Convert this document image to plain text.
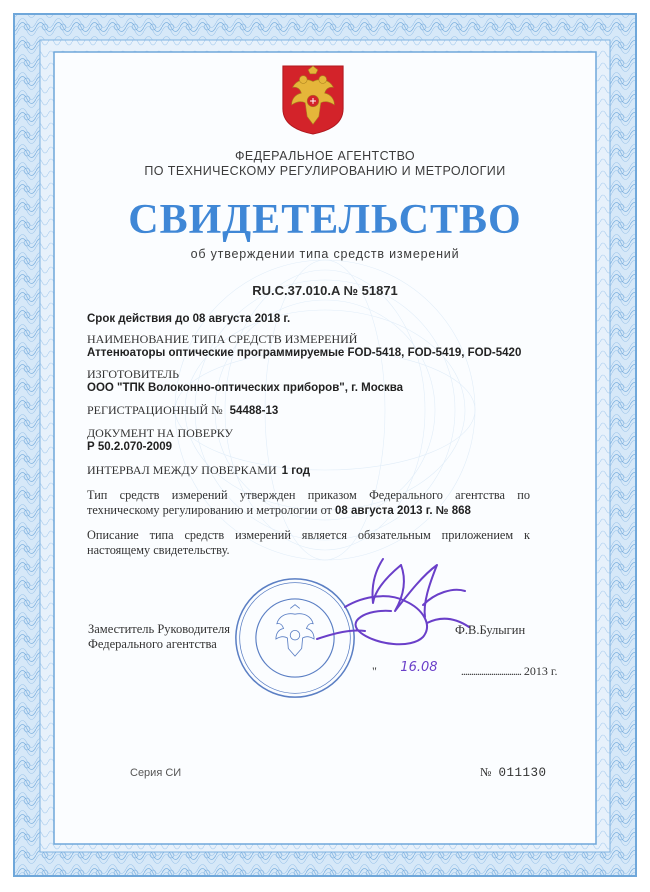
ФЕДЕРАЛЬНОЕ АГЕНТСТВО
ПО ТЕХНИЧЕСКОМУ РЕГУЛИРОВАНИЮ И МЕТРОЛОГИИ
СВИДЕТЕЛЬСТВО
об утверждении типа средств измерений
RU.C.37.010.A № 51871
Срок действия до 08 августа 2018 г.
НАИМЕНОВАНИЕ ТИПА СРЕДСТВ ИЗМЕРЕНИЙ
Аттенюаторы оптические программируемые FOD-5418, FOD-5419, FOD-5420
ИЗГОТОВИТЕЛЬ
ООО "ТПК Волоконно-оптических приборов", г. Москва
РЕГИСТРАЦИОННЫЙ № 54488-13
ДОКУМЕНТ НА ПОВЕРКУ
Р 50.2.070-2009
ИНТЕРВАЛ МЕЖДУ ПОВЕРКАМИ 1 год
Тип средств измерений утвержден приказом Федерального агентства по техническому регулированию и метрологии от 08 августа 2013 г. № 868
Описание типа средств измерений является обязательным приложением к настоящему свидетельству.
Заместитель Руководителя
Федерального агентства
Ф.В.Булыгин
" 16.08 .............................. 2013 г.
Серия СИ	№ 011130
